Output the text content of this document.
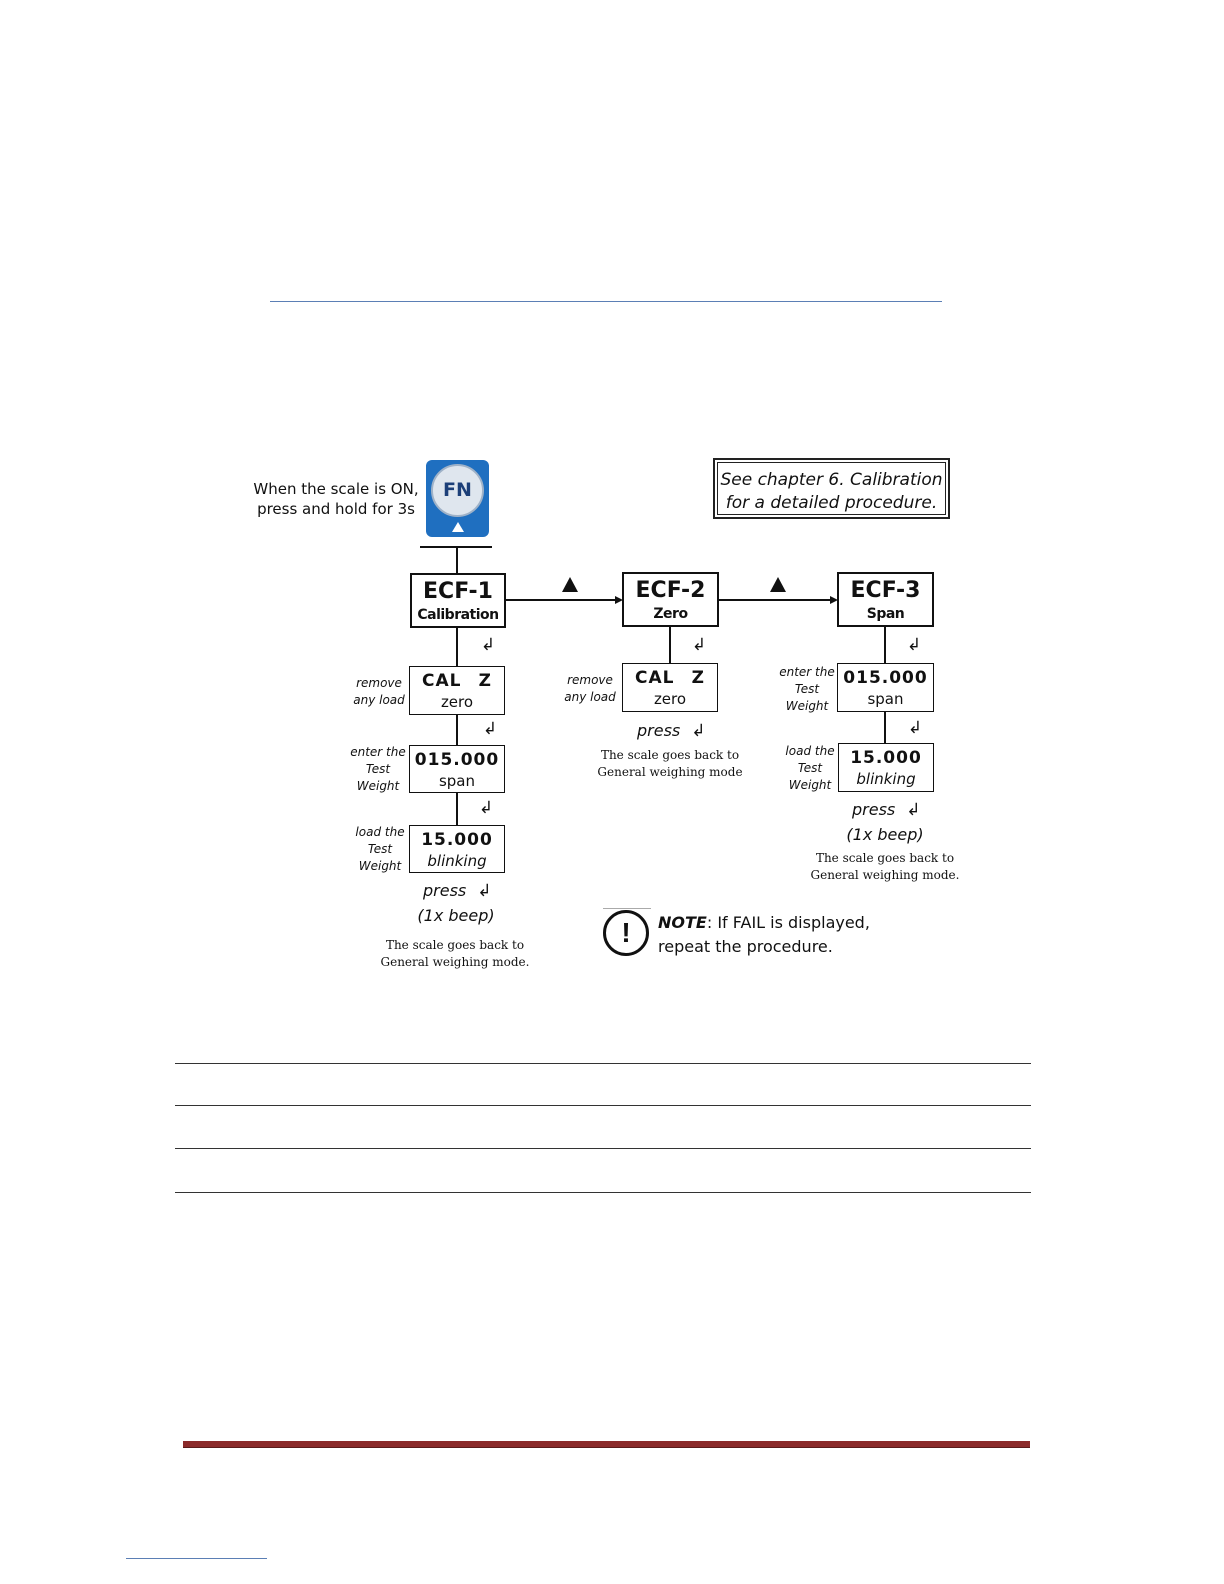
When the scale is ON,
press and hold for 3s
FN	See chapter 6. Calibration
for a detailed procedure.
ECF-1
Calibration
ECF-2
Zero
ECF-3
Span
↲
remove
any load
CAL Z
zero
↲
enter the
Test
Weight
015.000
span
↲
load the
Test
Weight
15.000
blinking
press ↲
(1x beep)
The scale goes back to
General weighing mode.
↲
remove
any load
CAL Z
zero
press ↲
The scale goes back to
General weighing mode
↲
enter the
Test
Weight
015.000
span
↲
load the
Test
Weight
15.000
blinking
press ↲
(1x beep)
The scale goes back to
General weighing mode.
!	NOTE: If FAIL is displayed,
repeat the procedure.
